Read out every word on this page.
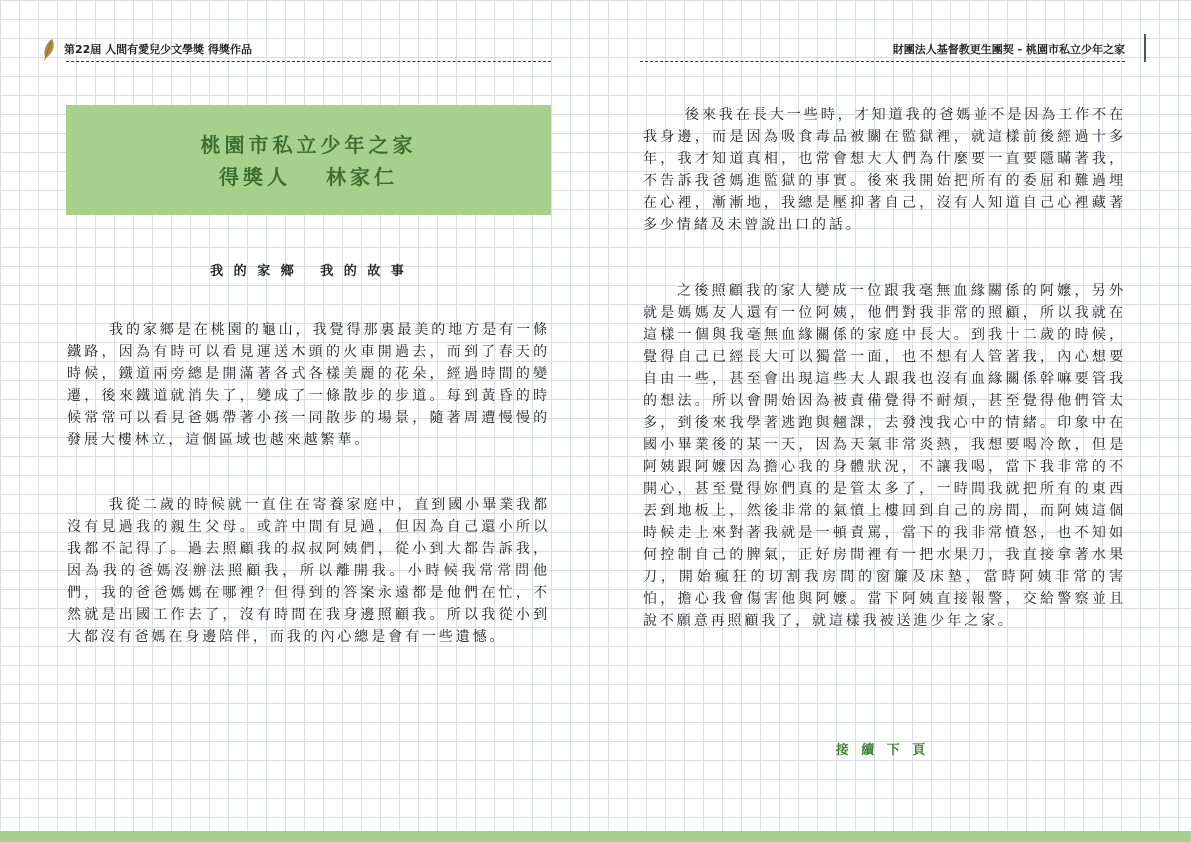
第22屆 人間有愛兒少文學獎 得獎作品	財團法人基督教更生團契 - 桃園市私立少年之家
桃園市私立少年之家
得獎人　 林家仁
我 的 家 鄉　 我 的 故 事

我的家鄉是在桃園的龜山，我覺得那裏最美的地方是有一條鐵路，因為有時可以看見運送木頭的火車開過去，而到了春天的時候，鐵道兩旁總是開滿著各式各樣美麗的花朵，經過時間的變遷，後來鐵道就消失了，變成了一條散步的步道。每到黃昏的時候常常可以看見爸媽帶著小孩一同散步的場景，隨著周遭慢慢的發展大樓林立，這個區域也越來越繁華。

我從二歲的時候就一直住在寄養家庭中，直到國小畢業我都沒有見過我的親生父母。或許中間有見過，但因為自己還小所以我都不記得了。過去照顧我的叔叔阿姨們，從小到大都告訴我，因為我的爸媽沒辦法照顧我，所以離開我。小時候我常常問他們，我的爸爸媽媽在哪裡？但得到的答案永遠都是他們在忙，不然就是出國工作去了，沒有時間在我身邊照顧我。所以我從小到大都沒有爸媽在身邊陪伴，而我的內心總是會有一些遺憾。

後來我在長大一些時，才知道我的爸媽並不是因為工作不在我身邊，而是因為吸食毒品被關在監獄裡，就這樣前後經過十多年，我才知道真相，也常會想大人們為什麼要一直要隱瞞著我，不告訴我爸媽進監獄的事實。後來我開始把所有的委屈和難過埋在心裡，漸漸地，我總是壓抑著自己，沒有人知道自己心裡藏著多少情緒及未曾說出口的話。

之後照顧我的家人變成一位跟我毫無血緣關係的阿嬤，另外就是媽媽友人還有一位阿姨，他們對我非常的照顧，所以我就在這樣一個與我毫無血緣關係的家庭中長大。到我十二歲的時候，覺得自己已經長大可以獨當一面，也不想有人管著我，內心想要自由一些，甚至會出現這些大人跟我也沒有血緣關係幹嘛要管我的想法。所以會開始因為被責備覺得不耐煩，甚至覺得他們管太多，到後來我學著逃跑與翹課，去發洩我心中的情緒。印象中在國小畢業後的某一天，因為天氣非常炎熱，我想要喝冷飲，但是阿姨跟阿嬤因為擔心我的身體狀況，不讓我喝，當下我非常的不開心，甚至覺得妳們真的是管太多了，一時間我就把所有的東西丟到地板上，然後非常的氣憤上樓回到自己的房間，而阿姨這個時候走上來對著我就是一頓責罵，當下的我非常憤怒，也不知如何控制自己的脾氣，正好房間裡有一把水果刀，我直接拿著水果刀，開始瘋狂的切割我房間的窗簾及床墊，當時阿姨非常的害怕，擔心我會傷害他與阿嬤。當下阿姨直接報警，交給警察並且說不願意再照顧我了，就這樣我被送進少年之家。

接 續 下 頁
